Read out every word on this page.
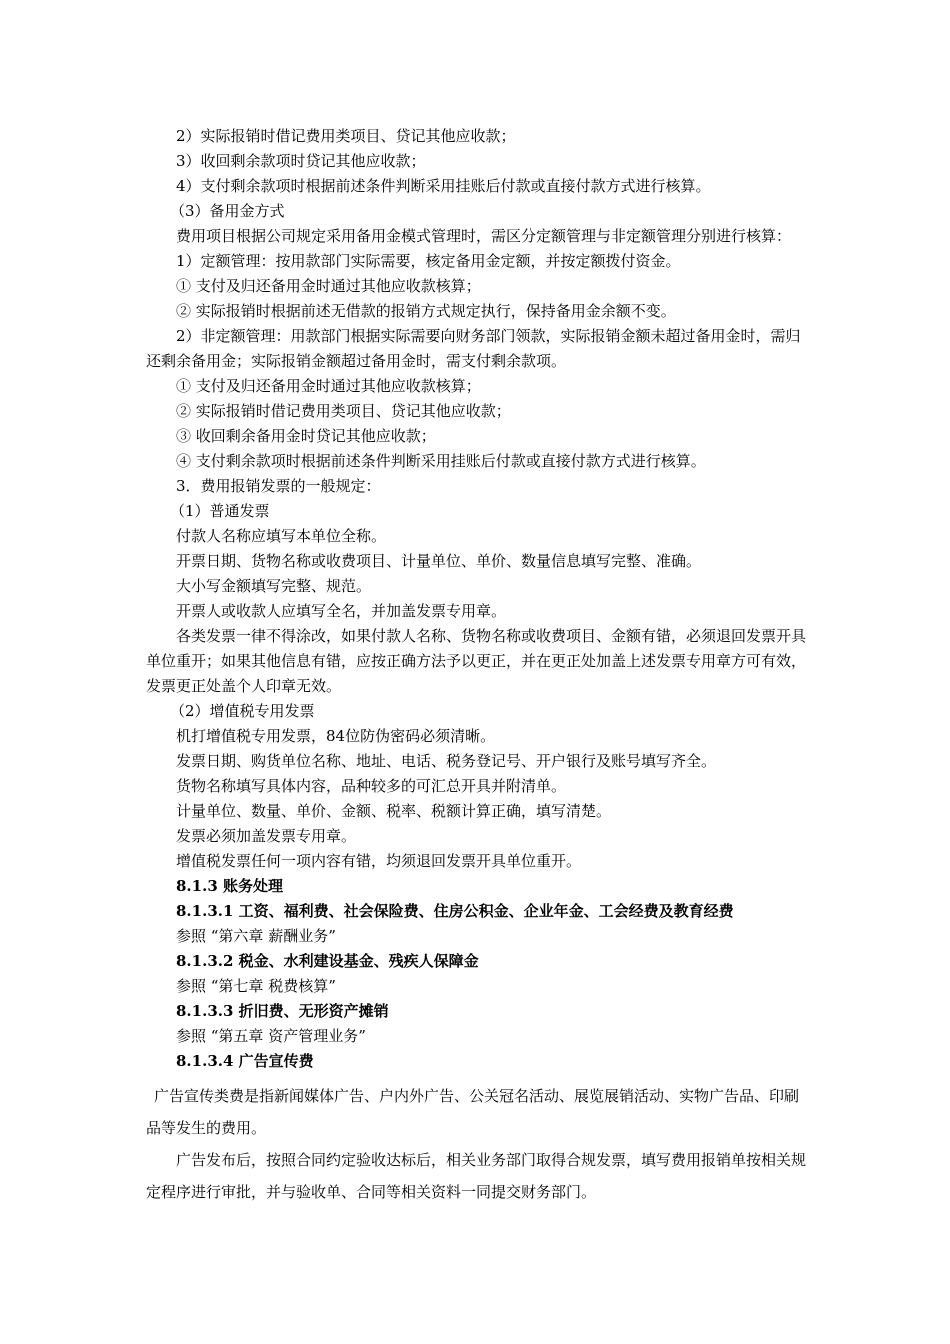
2）实际报销时借记费用类项目、贷记其他应收款；

3）收回剩余款项时贷记其他应收款；

4）支付剩余款项时根据前述条件判断采用挂账后付款或直接付款方式进行核算。

（3）备用金方式

费用项目根据公司规定采用备用金模式管理时，需区分定额管理与非定额管理分别进行核算：

1）定额管理：按用款部门实际需要，核定备用金定额，并按定额拨付资金。

① 支付及归还备用金时通过其他应收款核算；

② 实际报销时根据前述无借款的报销方式规定执行，保持备用金余额不变。

2）非定额管理：用款部门根据实际需要向财务部门领款，实际报销金额未超过备用金时，需归还剩余备用金；实际报销金额超过备用金时，需支付剩余款项。

① 支付及归还备用金时通过其他应收款核算；

② 实际报销时借记费用类项目、贷记其他应收款；

③ 收回剩余备用金时贷记其他应收款；

④ 支付剩余款项时根据前述条件判断采用挂账后付款或直接付款方式进行核算。

3．费用报销发票的一般规定：

（1）普通发票

付款人名称应填写本单位全称。

开票日期、货物名称或收费项目、计量单位、单价、数量信息填写完整、准确。

大小写金额填写完整、规范。

开票人或收款人应填写全名，并加盖发票专用章。

各类发票一律不得涂改，如果付款人名称、货物名称或收费项目、金额有错，必须退回发票开具单位重开；如果其他信息有错，应按正确方法予以更正，并在更正处加盖上述发票专用章方可有效，发票更正处盖个人印章无效。

（2）增值税专用发票

机打增值税专用发票，84位防伪密码必须清晰。

发票日期、购货单位名称、地址、电话、税务登记号、开户银行及账号填写齐全。

货物名称填写具体内容，品种较多的可汇总开具并附清单。

计量单位、数量、单价、金额、税率、税额计算正确，填写清楚。

发票必须加盖发票专用章。

增值税发票任何一项内容有错，均须退回发票开具单位重开。

8.1.3 账务处理

8.1.3.1 工资、福利费、社会保险费、住房公积金、企业年金、工会经费及教育经费

参照 “第六章 薪酬业务”

8.1.3.2 税金、水利建设基金、残疾人保障金

参照 “第七章 税费核算”

8.1.3.3 折旧费、无形资产摊销

参照 “第五章 资产管理业务”

8.1.3.4 广告宣传费

广告宣传类费是指新闻媒体广告、户内外广告、公关冠名活动、展览展销活动、实物广告品、印刷品等发生的费用。

广告发布后，按照合同约定验收达标后，相关业务部门取得合规发票，填写费用报销单按相关规定程序进行审批，并与验收单、合同等相关资料一同提交财务部门。
